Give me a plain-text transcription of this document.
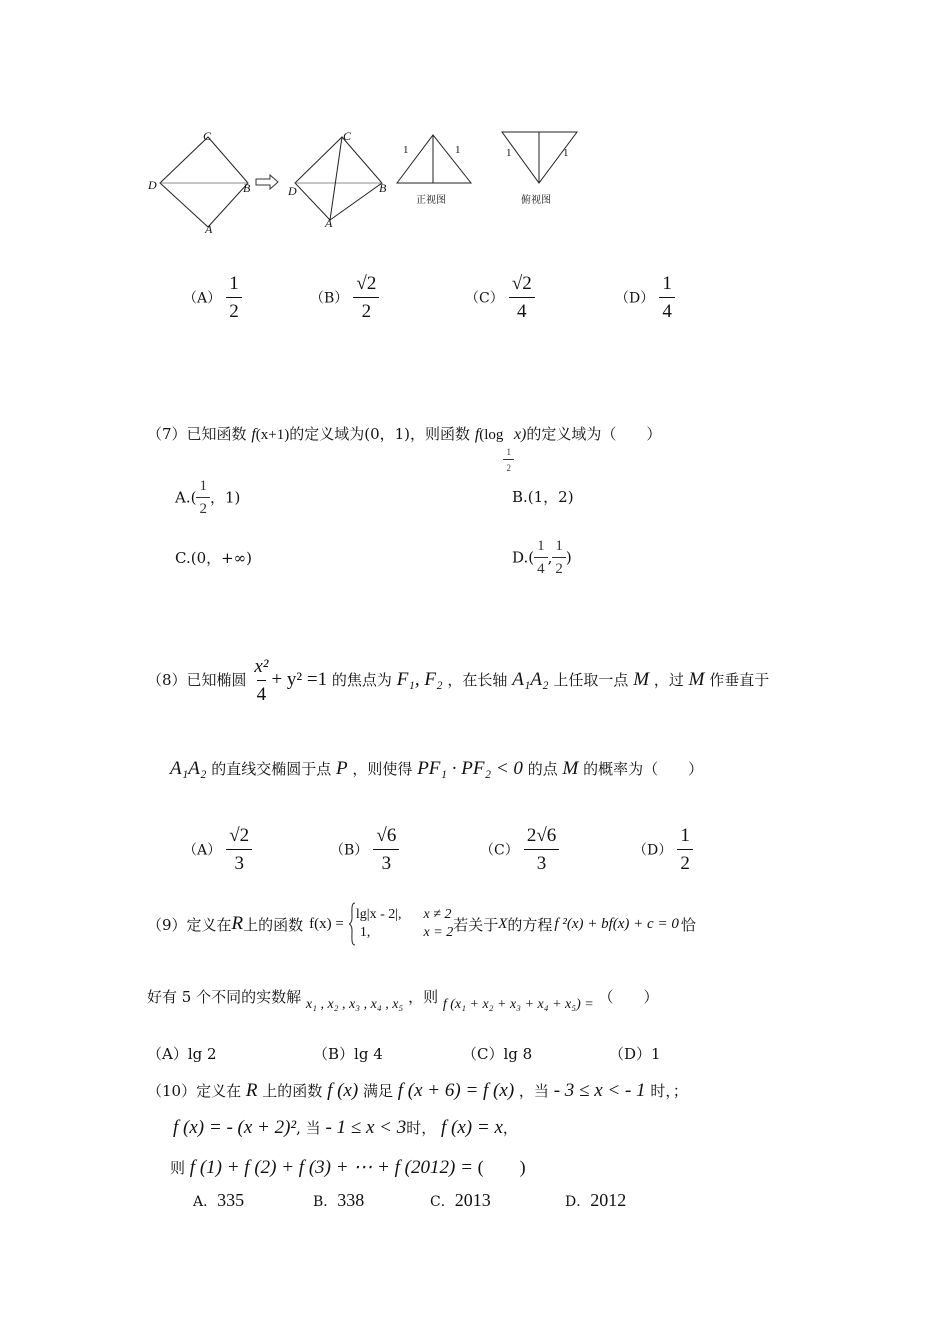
C
D	B
A
C
D	B
A
1	1
正视图
1	1
俯视图
$(A) \frac{1}{2}$	$(B) \frac{√2}{2}$	$(C) \frac{√2}{4}$	$(D) \frac{1}{4}$
（7）已知函数 f(x+1)的定义域为(0，1)，则函数 f(log
$\frac{1}{2}$
x)的定义域为（　　）
$A.( \frac{1}{2}$ ，1)	B.(1，2)
C.(0，+∞)	$D.( \frac{1}{4}$ , $\frac{1}{2}$ )
（8）已知椭圆 $\frac{\text{x²}}{4} + y^2 =1$ 的焦点为 F₁, F₂ ，在长轴 A₁A₂ 上任取一点 M ，过 M 作垂直于
A₁A₂ 的直线交椭圆于点 P ，则使得 PF₁ · PF₂ < 0 的点 M 的概率为（　　）
$(A) \frac{√2}{3}$	$(B) \frac{√6}{3}$	$(C) \frac{2√6}{3}$	$(D) \frac{1}{2}$
（9）定义在 R 上的函数 f(x) =
lg|x - 2|, x ≠ 2
1,	x = 2 若关于 X 的方程 f ²(x) + bf(x) + c = 0 恰
好有 5 个不同的实数解 x₁ , x₂ , x₃ , x₄ , x₅ ，则 f (x₁ + x₂ + x₃ + x₄ + x₅) = （　　）
（A）lg 2	（B）lg 4	（C）lg 8	（D）1
（10）定义在 R 上的函数 f (x) 满足 f (x + 6) = f (x) ，当 - 3 ≤ x < - 1 时，；
f (x) = - (x + 2)², 当 - 1 ≤ x < 3时， f (x) = x，
则 f (1) + f (2) + f (3) + ⋯ + f (2012) = (　　)
A．335	B．338	C．2013	D．2012
